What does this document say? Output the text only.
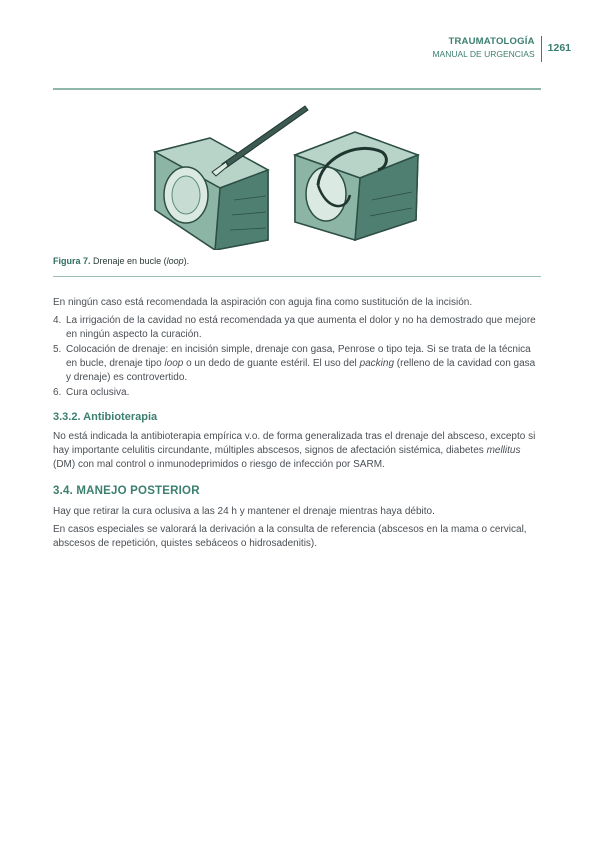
TRAUMATOLOGÍA
MANUAL DE URGENCIAS	1261
Figura 7. Drenaje en bucle (loop).

En ningún caso está recomendada la aspiración con aguja fina como sustitución de la incisión.

4. La irrigación de la cavidad no está recomendada ya que aumenta el dolor y no ha demostrado que mejore en ningún aspecto la curación.
5. Colocación de drenaje: en incisión simple, drenaje con gasa, Penrose o tipo teja. Si se trata de la técnica en bucle, drenaje tipo loop o un dedo de guante estéril. El uso del packing (relleno de la cavidad con gasa y drenaje) es controvertido.
6. Cura oclusiva.
3.3.2. Antibioterapia

No está indicada la antibioterapia empírica v.o. de forma generalizada tras el drenaje del absceso, excepto si hay importante celulitis circundante, múltiples abscesos, signos de afectación sistémica, diabetes mellitus (DM) con mal control o inmunodeprimidos o riesgo de infección por SARM.

3.4. MANEJO POSTERIOR

Hay que retirar la cura oclusiva a las 24 h y mantener el drenaje mientras haya débito.

En casos especiales se valorará la derivación a la consulta de referencia (abscesos en la mama o cervical, abscesos de repetición, quistes sebáceos o hidrosadenitis).
